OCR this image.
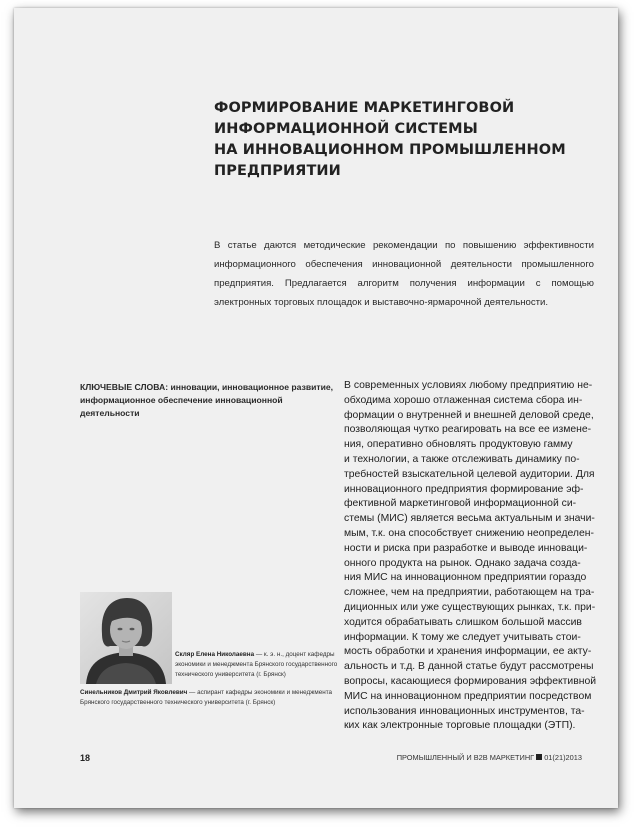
ФОРМИРОВАНИЕ МАРКЕТИНГОВОЙ
ИНФОРМАЦИОННОЙ СИСТЕМЫ
НА ИННОВАЦИОННОМ ПРОМЫШЛЕННОМ
ПРЕДПРИЯТИИ

В статье даются методические рекомендации по повышению эффективности информационного обеспечения инновационной деятельности промышленного предприятия. Предлагается алгоритм получения информации с помощью электронных торговых площадок и выставочно-ярмарочной деятельности.

КЛЮЧЕВЫЕ СЛОВА: инновации, инновационное развитие, информационное обеспечение инновационной деятельности
В современных условиях любому предприятию не-
обходима хорошо отлаженная система сбора ин-
формации о внутренней и внешней деловой среде,
позволяющая чутко реагировать на все ее измене-
ния, оперативно обновлять продуктовую гамму
и технологии, а также отслеживать динамику по-
требностей взыскательной целевой аудитории. Для
инновационного предприятия формирование эф-
фективной маркетинговой информационной си-
стемы (МИС) является весьма актуальным и значи-
мым, т.к. она способствует снижению неопределен-
ности и риска при разработке и выводе инноваци-
онного продукта на рынок. Однако задача созда-
ния МИС на инновационном предприятии гораздо
сложнее, чем на предприятии, работающем на тра-
диционных или уже существующих рынках, т.к. при-
ходится обрабатывать слишком большой массив
информации. К тому же следует учитывать стои-
мость обработки и хранения информации, ее акту-
альность и т.д. В данной статье будут рассмотрены
вопросы, касающиеся формирования эффективной
МИС на инновационном предприятии посредством
использования инновационных инструментов, та-
ких как электронные торговые площадки (ЭТП).
Скляр Елена Николаевна — к. э. н., доцент кафедры экономики и менеджмента Брянского государственного технического университета (г. Брянск)
Синельников Дмитрий Яковлевич — аспирант кафедры экономики и менеджмента Брянского государственного технического университета (г. Брянск)
18	ПРОМЫШЛЕННЫЙ И B2B МАРКЕТИНГ 01(21)2013
